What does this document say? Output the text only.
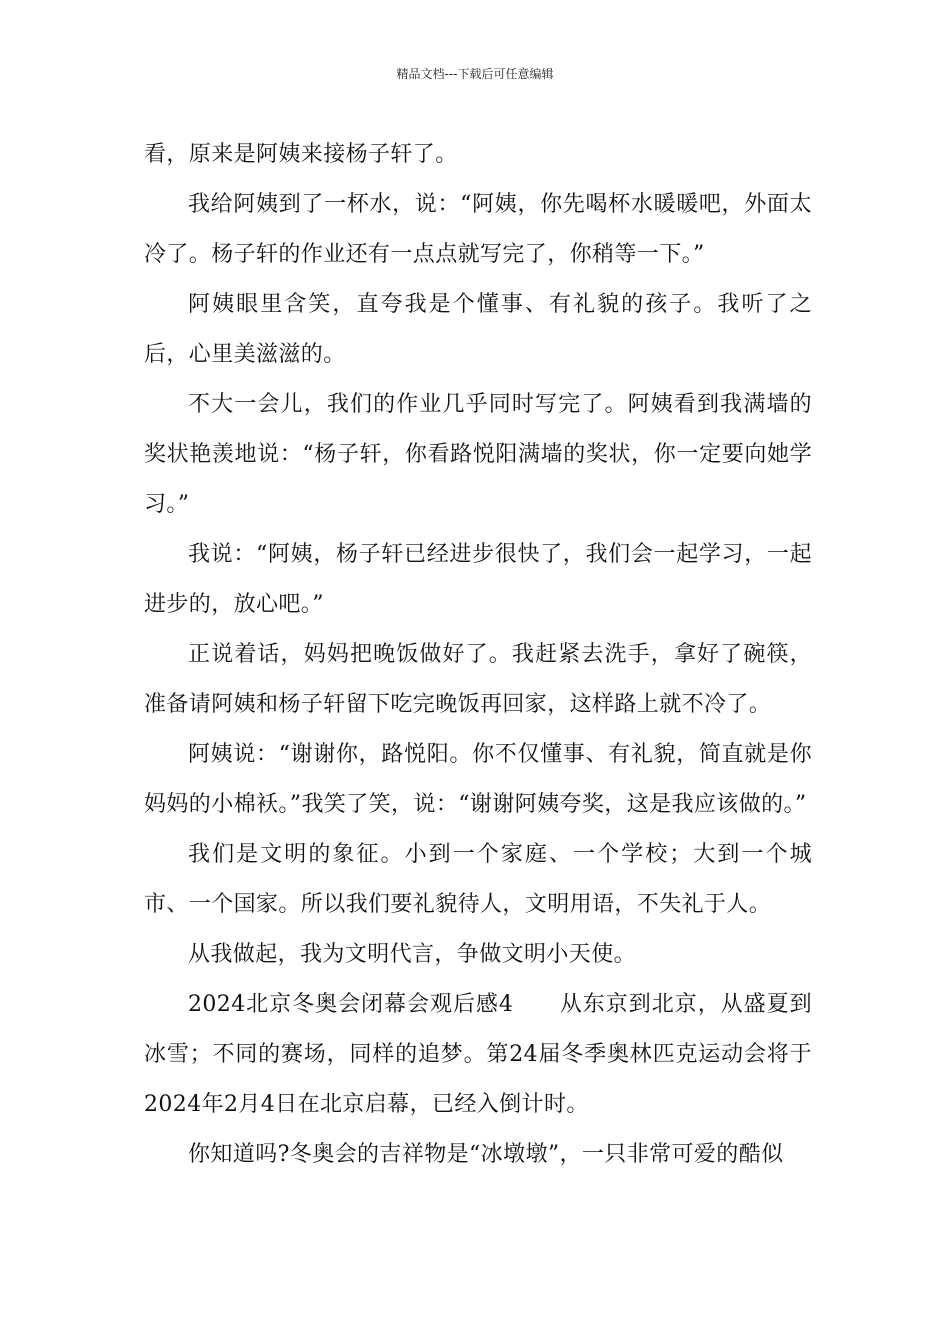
精品文档---下载后可任意编辑

看，原来是阿姨来接杨子轩了。

我给阿姨到了一杯水，说：“阿姨，你先喝杯水暖暖吧，外面太冷了。杨子轩的作业还有一点点就写完了，你稍等一下。”

阿姨眼里含笑，直夸我是个懂事、有礼貌的孩子。我听了之后，心里美滋滋的。

不大一会儿，我们的作业几乎同时写完了。阿姨看到我满墙的奖状艳羡地说：“杨子轩，你看路悦阳满墙的奖状，你一定要向她学习。”

我说：“阿姨，杨子轩已经进步很快了，我们会一起学习，一起进步的，放心吧。”

正说着话，妈妈把晚饭做好了。我赶紧去洗手，拿好了碗筷，准备请阿姨和杨子轩留下吃完晚饭再回家，这样路上就不冷了。

阿姨说：“谢谢你，路悦阳。你不仅懂事、有礼貌，简直就是你妈妈的小棉袄。”我笑了笑，说：“谢谢阿姨夸奖，这是我应该做的。”

我们是文明的象征。小到一个家庭、一个学校；大到一个城市、一个国家。所以我们要礼貌待人，文明用语，不失礼于人。

从我做起，我为文明代言，争做文明小天使。

2024北京冬奥会闭幕会观后感4　　从东京到北京，从盛夏到冰雪；不同的赛场，同样的追梦。第24届冬季奥林匹克运动会将于2024年2月4日在北京启幕，已经入倒计时。

你知道吗?冬奥会的吉祥物是“冰墩墩”，一只非常可爱的酷似
